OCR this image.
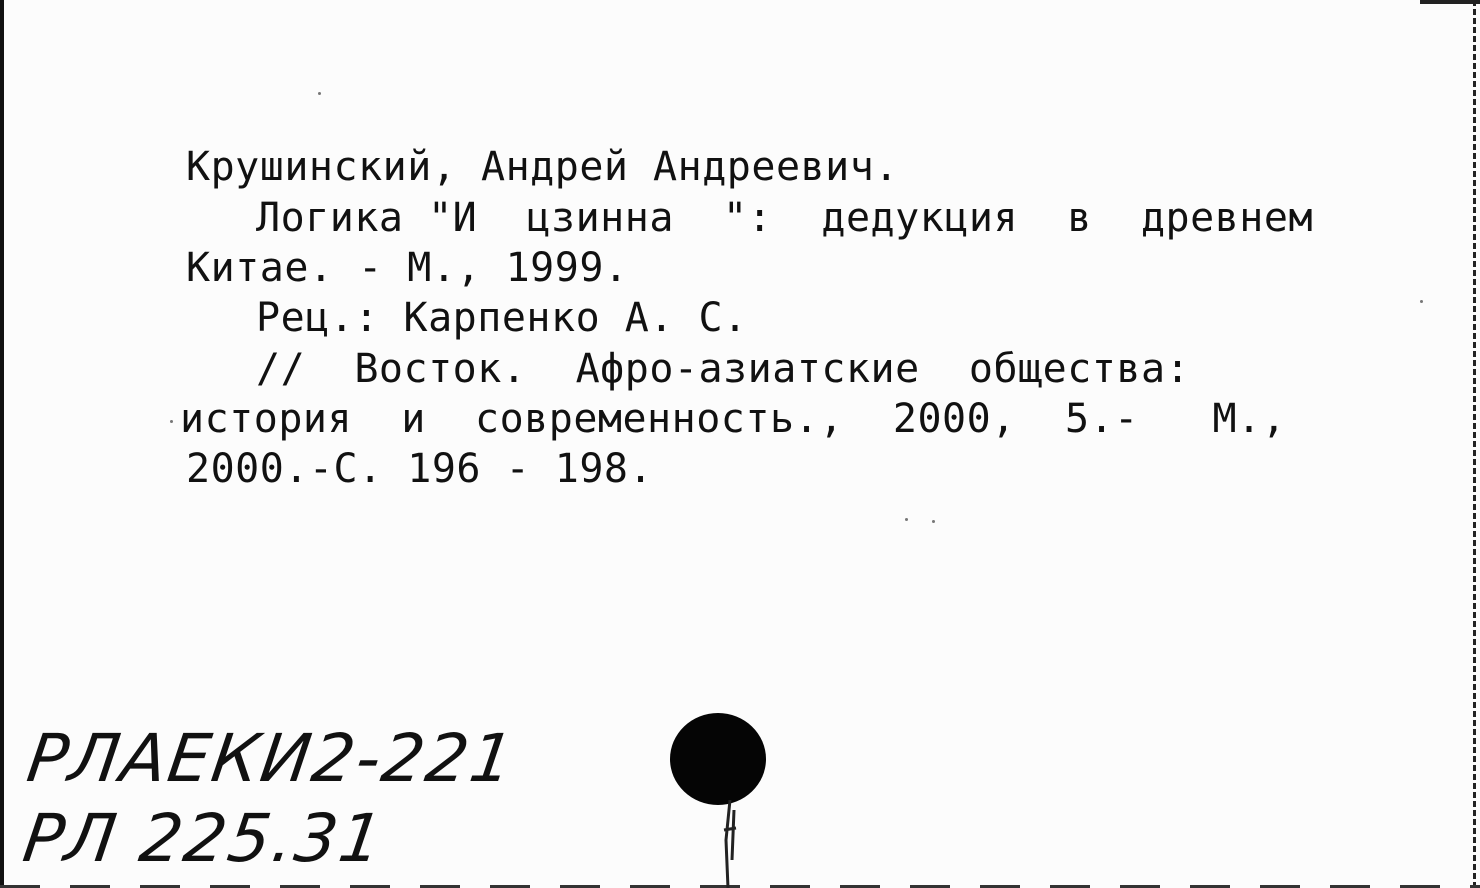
Крушинский, Андрей Андреевич.
Логика "И  цзинна  ":  дедукция  в  древнем
Китае. - М., 1999.
Рец.: Карпенко А. С.
//  Восток.  Афро-азиатские  общества:
история  и  современность.,  2000,  5.-   М.,
2000.-С. 196 - 198.
РЛАЕКИ2-221
РЛ 225.31
